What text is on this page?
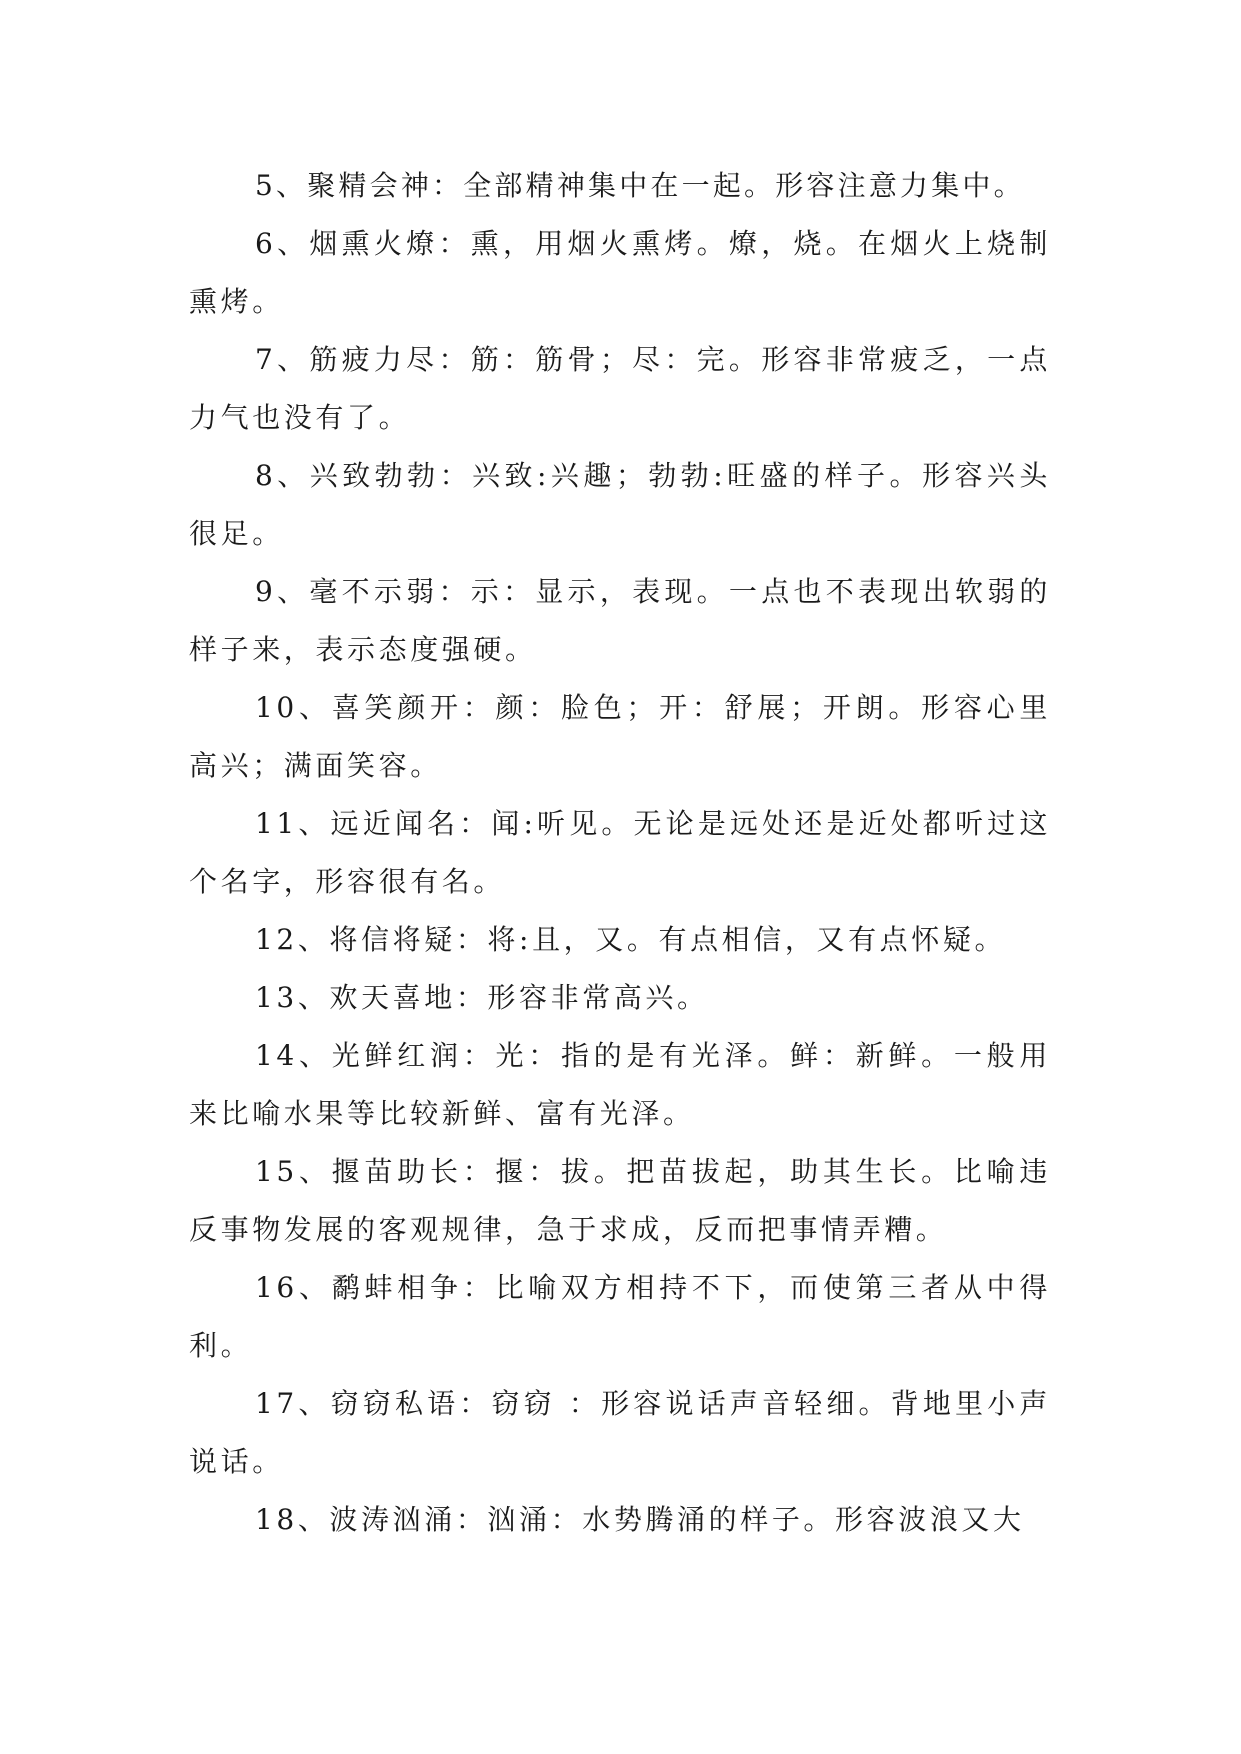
5、聚精会神：全部精神集中在一起。形容注意力集中。

6、烟熏火燎：熏，用烟火熏烤。燎，烧。在烟火上烧制熏烤。

7、筋疲力尽：筋：筋骨；尽：完。形容非常疲乏，一点力气也没有了。

8、兴致勃勃：兴致:兴趣；勃勃:旺盛的样子。形容兴头很足。

9、毫不示弱：示：显示，表现。一点也不表现出软弱的样子来，表示态度强硬。

10、喜笑颜开：颜：脸色；开：舒展；开朗。形容心里高兴；满面笑容。

11、远近闻名：闻:听见。无论是远处还是近处都听过这个名字，形容很有名。

12、将信将疑：将:且，又。有点相信，又有点怀疑。

13、欢天喜地：形容非常高兴。

14、光鲜红润：光：指的是有光泽。鲜：新鲜。一般用来比喻水果等比较新鲜、富有光泽。

15、揠苗助长：揠：拔。把苗拔起，助其生长。比喻违反事物发展的客观规律，急于求成，反而把事情弄糟。

16、鹬蚌相争：比喻双方相持不下，而使第三者从中得利。

17、窃窃私语：窃窃 ：形容说话声音轻细。背地里小声说话。

18、波涛汹涌：汹涌：水势腾涌的样子。形容波浪又大
